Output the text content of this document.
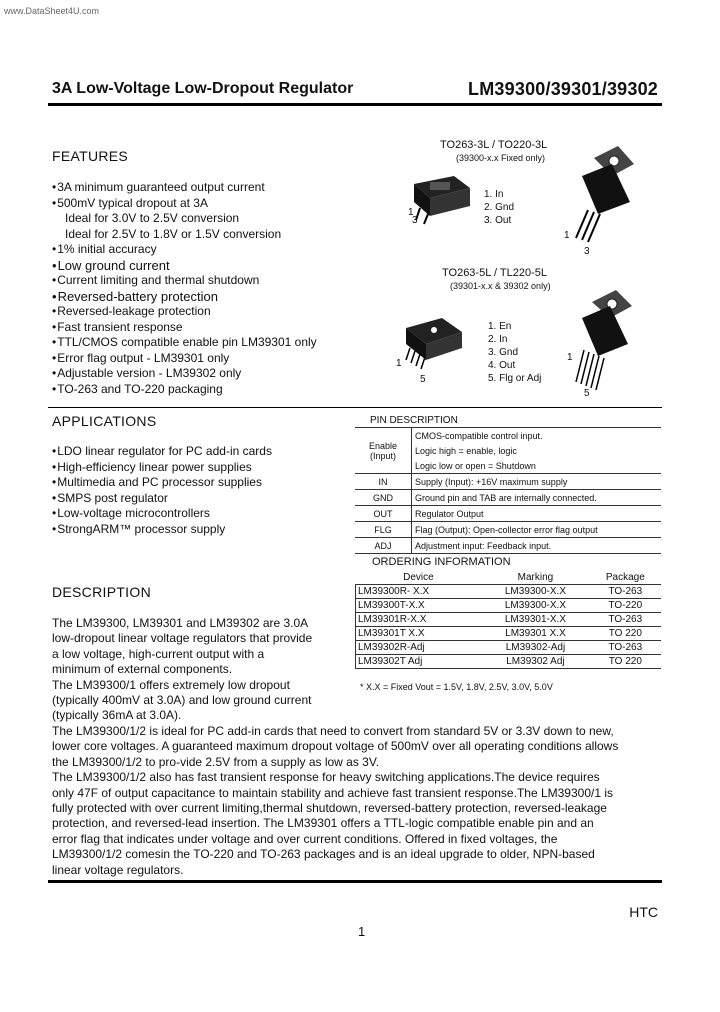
www.DataSheet4U.com
3A Low-Voltage Low-Dropout Regulator	LM39300/39301/39302
FEATURES
• 3A minimum guaranteed output current
• 500mV typical dropout at 3A
Ideal for 3.0V to 2.5V conversion
Ideal for 2.5V to 1.8V or 1.5V conversion
• 1% initial accuracy
• Low ground current
• Current limiting and thermal shutdown
• Reversed-battery protection
• Reversed-leakage protection
• Fast transient response
• TTL/CMOS compatible enable pin LM39301 only
• Error flag output - LM39301 only
• Adjustable version - LM39302 only
• TO-263 and TO-220 packaging
TO263-3L / TO220-3L
(39300-x.x Fixed only)
1
3
1. In
2. Gnd
3. Out
1
3
TO263-5L / TL220-5L
(39301-x.x & 39302 only)
1
5
1. En
2. In
3. Gnd
4. Out
5. Flg or Adj
1
5
APPLICATIONS
• LDO linear regulator for PC add-in cards
• High-efficiency linear power supplies
• Multimedia and PC processor supplies
• SMPS post regulator
• Low-voltage microcontrollers
• StrongARM™ processor supply
PIN DESCRIPTION
Enable (Input)	CMOS-compatible control input.
	Logic high = enable, logic
	Logic low or open = Shutdown
IN	Supply (Input): +16V maximum supply
GND	Ground pin and TAB are internally connected.
OUT	Regulator Output
FLG	Flag (Output): Open-collector error flag output
ADJ	Adjustment input: Feedback input.
ORDERING INFORMATION
Device	Marking	Package
LM39300R- X.X	LM39300-X.X	TO-263
LM39300T-X.X	LM39300-X.X	TO-220
LM39301R-X.X	LM39301-X.X	TO-263
LM39301T X.X	LM39301 X.X	TO 220
LM39302R-Adj	LM39302-Adj	TO-263
LM39302T Adj	LM39302 Adj	TO 220
* X.X = Fixed Vout = 1.5V, 1.8V, 2.5V, 3.0V, 5.0V
DESCRIPTION
The LM39300, LM39301 and LM39302 are 3.0A
low-dropout linear voltage regulators that provide
a low voltage, high-current output with a
minimum of external components.
The LM39300/1 offers extremely low dropout
(typically 400mV at 3.0A) and low ground current
(typically 36mA at 3.0A).
The LM39300/1/2 is ideal for PC add-in cards that need to convert from standard 5V or 3.3V down to new,
lower core voltages. A guaranteed maximum dropout voltage of 500mV over all operating conditions allows
the LM39300/1/2 to pro-vide 2.5V from a supply as low as 3V.
The LM39300/1/2 also has fast transient response for heavy switching applications.The device requires
only 47F of output capacitance to maintain stability and achieve fast transient response.The LM39300/1 is
fully protected with over current limiting,thermal shutdown, reversed-battery protection, reversed-leakage
protection, and reversed-lead insertion. The LM39301 offers a TTL-logic compatible enable pin and an
error flag that indicates under voltage and over current conditions. Offered in fixed voltages, the
LM39300/1/2 comesin the TO-220 and TO-263 packages and is an ideal upgrade to older, NPN-based
linear voltage regulators.
HTC
1
